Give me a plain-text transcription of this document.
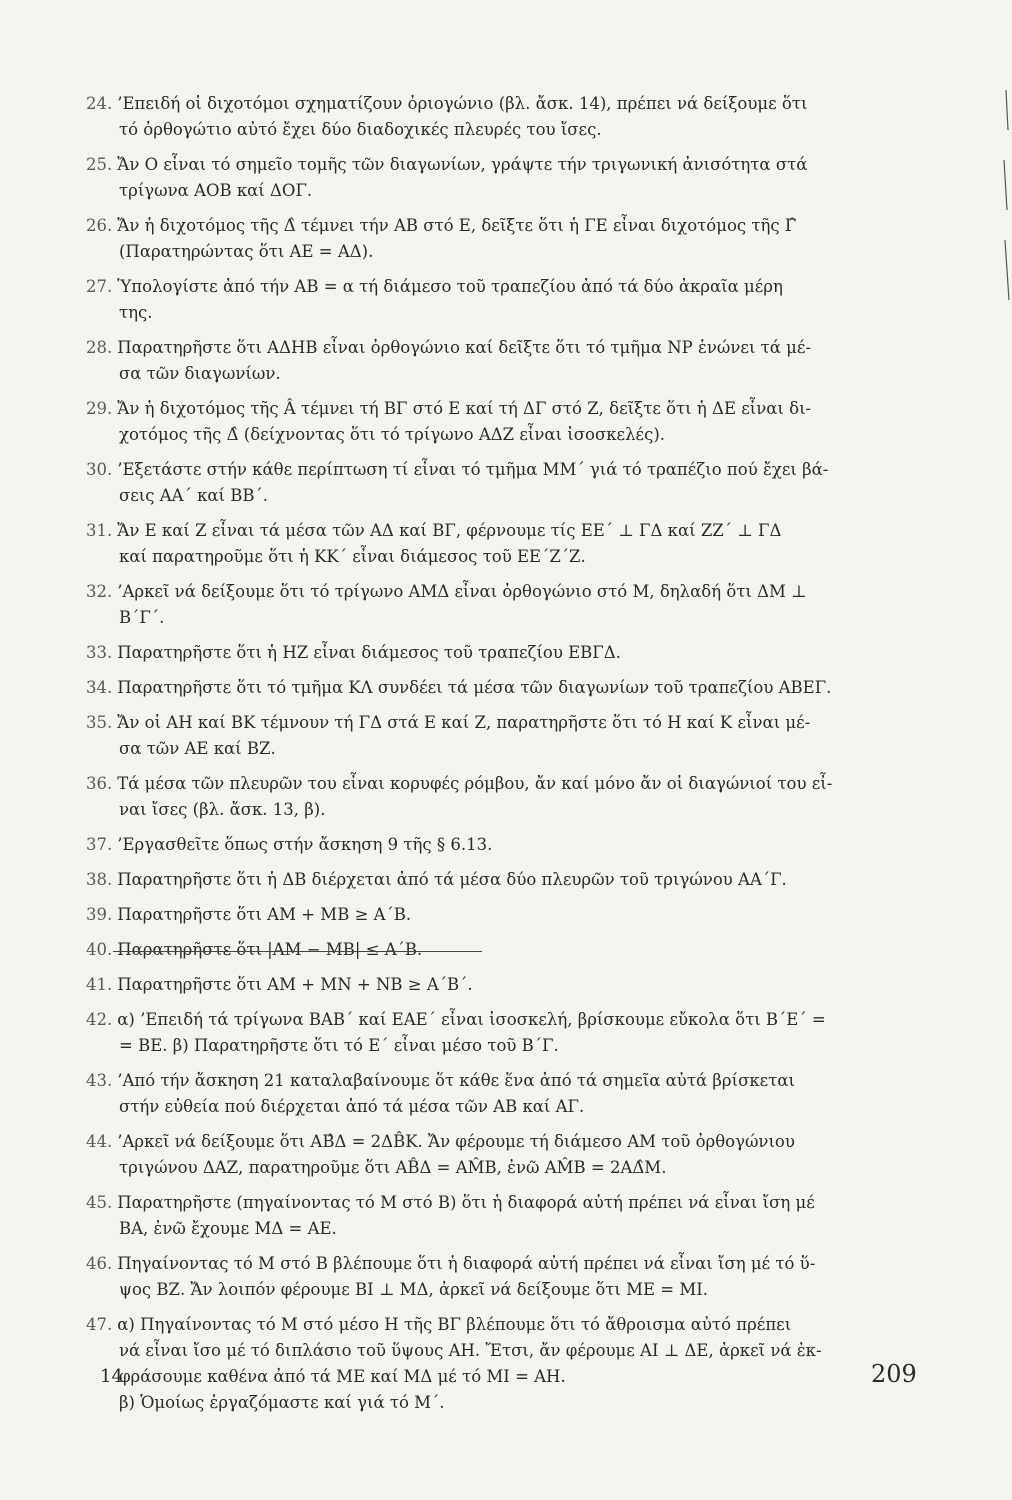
24. ’Επειδή οἱ διχοτόμοι σχηματίζουν ὀριογώνιο (βλ. ἄσκ. 14), πρέπει νά δείξουμε ὅτι
τό ὀρθογώτιο αὐτό ἔχει δύο διαδοχικές πλευρές του ἴσες.
25. Ἄν Ο εἶναι τό σημεῖο τομῆς τῶν διαγωνίων, γράψτε τήν τριγωνική ἀνισότητα στά
τρίγωνα ΑΟΒ καί ΔΟΓ.
26. Ἄν ἡ διχοτόμος τῆς Δ̂ τέμνει τήν ΑΒ στό Ε, δεῖξτε ὅτι ἡ ΓΕ εἶναι διχοτόμος τῆς Γ̂
(Παρατηρώντας ὅτι ΑΕ = ΑΔ).
27. Ὑπολογίστε ἀπό τήν ΑΒ = α τή διάμεσο τοῦ τραπεζίου ἀπό τά δύο ἀκραῖα μέρη
της.
28. Παρατηρῆστε ὅτι ΑΔΗΒ εἶναι ὀρθογώνιο καί δεῖξτε ὅτι τό τμῆμα ΝΡ ἑνώνει τά μέ-
σα τῶν διαγωνίων.
29. Ἄν ἡ διχοτόμος τῆς Â τέμνει τή ΒΓ στό Ε καί τή ΔΓ στό Ζ, δεῖξτε ὅτι ἡ ΔΕ εἶναι δι-
χοτόμος τῆς Δ̂ (δείχνοντας ὅτι τό τρίγωνο ΑΔΖ εἶναι ἰσοσκελές).
30. ’Εξετάστε στήν κάθε περίπτωση τί εἶναι τό τμῆμα ΜΜ΄ γιά τό τραπέζιο πού ἔχει βά-
σεις ΑΑ΄ καί ΒΒ΄.
31. Ἄν Ε καί Ζ εἶναι τά μέσα τῶν ΑΔ καί ΒΓ, φέρνουμε τίς ΕΕ΄ ⊥ ΓΔ καί ΖΖ΄ ⊥ ΓΔ
καί παρατηροῦμε ὅτι ἡ ΚΚ΄ εἶναι διάμεσος τοῦ ΕΕ΄Ζ΄Ζ.
32. ’Αρκεῖ νά δείξουμε ὅτι τό τρίγωνο ΑΜΔ εἶναι ὀρθογώνιο στό Μ, δηλαδή ὅτι ΔΜ ⊥
Β΄Γ΄.
33. Παρατηρῆστε ὅτι ἡ ΗΖ εἶναι διάμεσος τοῦ τραπεζίου ΕΒΓΔ.
34. Παρατηρῆστε ὅτι τό τμῆμα ΚΛ συνδέει τά μέσα τῶν διαγωνίων τοῦ τραπεζίου ΑΒΕΓ.
35. Ἄν οἱ ΑΗ καί ΒΚ τέμνουν τή ΓΔ στά Ε καί Ζ, παρατηρῆστε ὅτι τό Η καί Κ εἶναι μέ-
σα τῶν ΑΕ καί ΒΖ.
36. Τά μέσα τῶν πλευρῶν του εἶναι κορυφές ρόμβου, ἄν καί μόνο ἄν οἱ διαγώνιοί του εἶ-
ναι ἴσες (βλ. ἄσκ. 13, β).
37. ’Εργασθεῖτε ὅπως στήν ἄσκηση 9 τῆς § 6.13.
38. Παρατηρῆστε ὅτι ἡ ΔΒ διέρχεται ἀπό τά μέσα δύο πλευρῶν τοῦ τριγώνου ΑΑ΄Γ.
39. Παρατηρῆστε ὅτι ΑΜ + ΜΒ ≥ Α΄Β.
40. Παρατηρῆστε ὅτι |ΑΜ − ΜΒ| ≤ Α΄Β.
41. Παρατηρῆστε ὅτι ΑΜ + ΜΝ + ΝΒ ≥ Α΄Β΄.
42. α) ’Επειδή τά τρίγωνα ΒΑΒ΄ καί ΕΑΕ΄ εἶναι ἰσοσκελή, βρίσκουμε εὔκολα ὅτι Β΄Ε΄ =
= ΒΕ. β) Παρατηρῆστε ὅτι τό Ε΄ εἶναι μέσο τοῦ Β΄Γ.
43. ’Από τήν ἄσκηση 21 καταλαβαίνουμε ὅτ κάθε ἕνα ἀπό τά σημεῖα αὐτά βρίσκεται
στήν εὐθεία πού διέρχεται ἀπό τά μέσα τῶν ΑΒ καί ΑΓ.
44. ’Αρκεῖ νά δείξουμε ὅτι ΑΒ̂Δ = 2ΔB̂Κ. Ἄν φέρουμε τή διάμεσο ΑΜ τοῦ ὀρθογώνιου
τριγώνου ΔΑΖ, παρατηροῦμε ὅτι ΑB̂Δ = ΑM̂Β, ἐνῶ ΑM̂Β = 2ΑΔ̂Μ.
45. Παρατηρῆστε (πηγαίνοντας τό Μ στό Β) ὅτι ἡ διαφορά αὐτή πρέπει νά εἶναι ἴση μέ
ΒΑ, ἐνῶ ἔχουμε ΜΔ = ΑΕ.
46. Πηγαίνοντας τό Μ στό Β βλέπουμε ὅτι ἡ διαφορά αὐτή πρέπει νά εἶναι ἴση μέ τό ὕ-
ψος ΒΖ. Ἄν λοιπόν φέρουμε ΒΙ ⊥ ΜΔ, ἀρκεῖ νά δείξουμε ὅτι ΜΕ = ΜΙ.
47. α) Πηγαίνοντας τό Μ στό μέσο Η τῆς ΒΓ βλέπουμε ὅτι τό ἄθροισμα αὐτό πρέπει
νά εἶναι ἴσο μέ τό διπλάσιο τοῦ ὕψους ΑΗ. Ἔτσι, ἄν φέρουμε ΑΙ ⊥ ΔΕ, ἀρκεῖ νά ἐκ-
φράσουμε καθένα ἀπό τά ΜΕ καί ΜΔ μέ τό ΜΙ = ΑΗ.
β) Ὁμοίως ἐργαζόμαστε καί γιά τό Μ΄.
14	209
